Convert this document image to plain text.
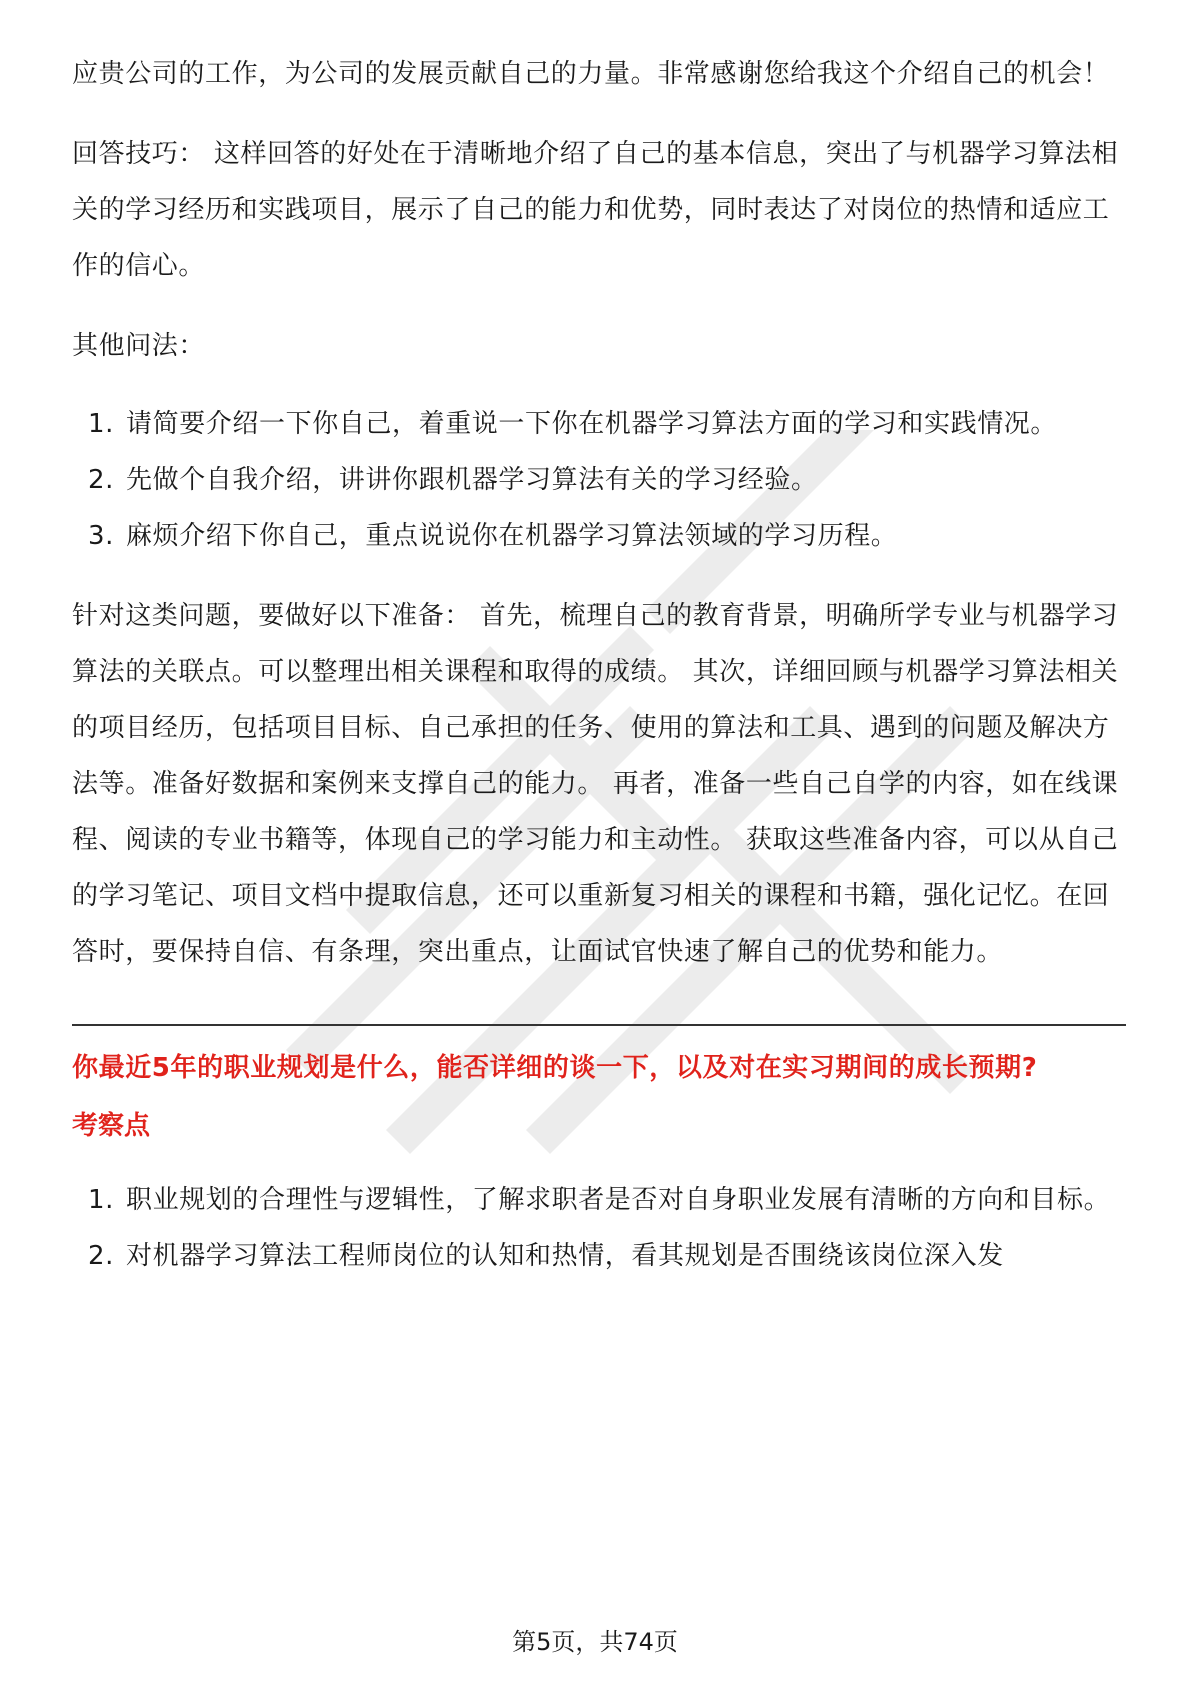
应贵公司的工作，为公司的发展贡献自己的力量。非常感谢您给我这个介绍自己的机会！

回答技巧： 这样回答的好处在于清晰地介绍了自己的基本信息，突出了与机器学习算法相关的学习经历和实践项目，展示了自己的能力和优势，同时表达了对岗位的热情和适应工作的信心。

其他问法：

1. 请简要介绍一下你自己，着重说一下你在机器学习算法方面的学习和实践情况。
2. 先做个自我介绍，讲讲你跟机器学习算法有关的学习经验。
3. 麻烦介绍下你自己，重点说说你在机器学习算法领域的学习历程。

针对这类问题，要做好以下准备： 首先，梳理自己的教育背景，明确所学专业与机器学习算法的关联点。可以整理出相关课程和取得的成绩。 其次，详细回顾与机器学习算法相关的项目经历，包括项目目标、自己承担的任务、使用的算法和工具、遇到的问题及解决方法等。准备好数据和案例来支撑自己的能力。 再者，准备一些自己自学的内容，如在线课程、阅读的专业书籍等，体现自己的学习能力和主动性。 获取这些准备内容，可以从自己的学习笔记、项目文档中提取信息，还可以重新复习相关的课程和书籍，强化记忆。在回答时，要保持自信、有条理，突出重点，让面试官快速了解自己的优势和能力。

你最近5年的职业规划是什么，能否详细的谈一下，以及对在实习期间的成长预期?

考察点

1. 职业规划的合理性与逻辑性，了解求职者是否对自身职业发展有清晰的方向和目标。
2. 对机器学习算法工程师岗位的认知和热情，看其规划是否围绕该岗位深入发
第5页，共74页
